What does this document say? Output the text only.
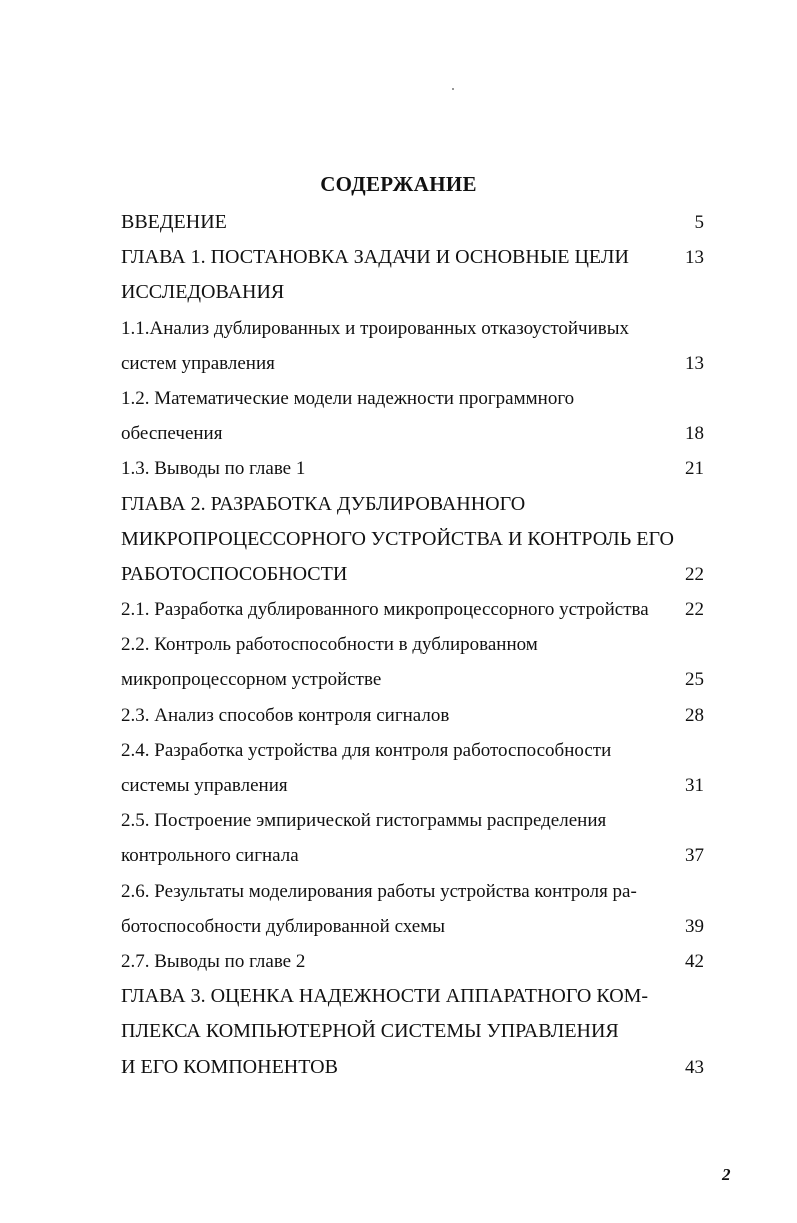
СОДЕРЖАНИЕ
ВВЕДЕНИЕ	5
ГЛАВА 1. ПОСТАНОВКА ЗАДАЧИ И ОСНОВНЫЕ ЦЕЛИ	13
ИССЛЕДОВАНИЯ
1.1.Анализ дублированных и троированных отказоустойчивых
систем управления	13
1.2. Математические модели надежности программного
обеспечения	18
1.3. Выводы по главе 1	21
ГЛАВА 2. РАЗРАБОТКА ДУБЛИРОВАННОГО
МИКРОПРОЦЕССОРНОГО УСТРОЙСТВА И КОНТРОЛЬ ЕГО
РАБОТОСПОСОБНОСТИ	22
2.1. Разработка дублированного микропроцессорного устройства 22
2.2. Контроль работоспособности в дублированном
микропроцессорном устройстве	25
2.3. Анализ способов контроля сигналов	28
2.4. Разработка устройства для контроля работоспособности
системы управления	31
2.5. Построение эмпирической гистограммы распределения
контрольного сигнала	37
2.6. Результаты моделирования работы устройства контроля ра-
ботоспособности дублированной схемы	39
2.7. Выводы по главе 2	42
ГЛАВА 3. ОЦЕНКА НАДЕЖНОСТИ АППАРАТНОГО КОМ-
ПЛЕКСА КОМПЬЮТЕРНОЙ СИСТЕМЫ УПРАВЛЕНИЯ
И ЕГО КОМПОНЕНТОВ	43
2
